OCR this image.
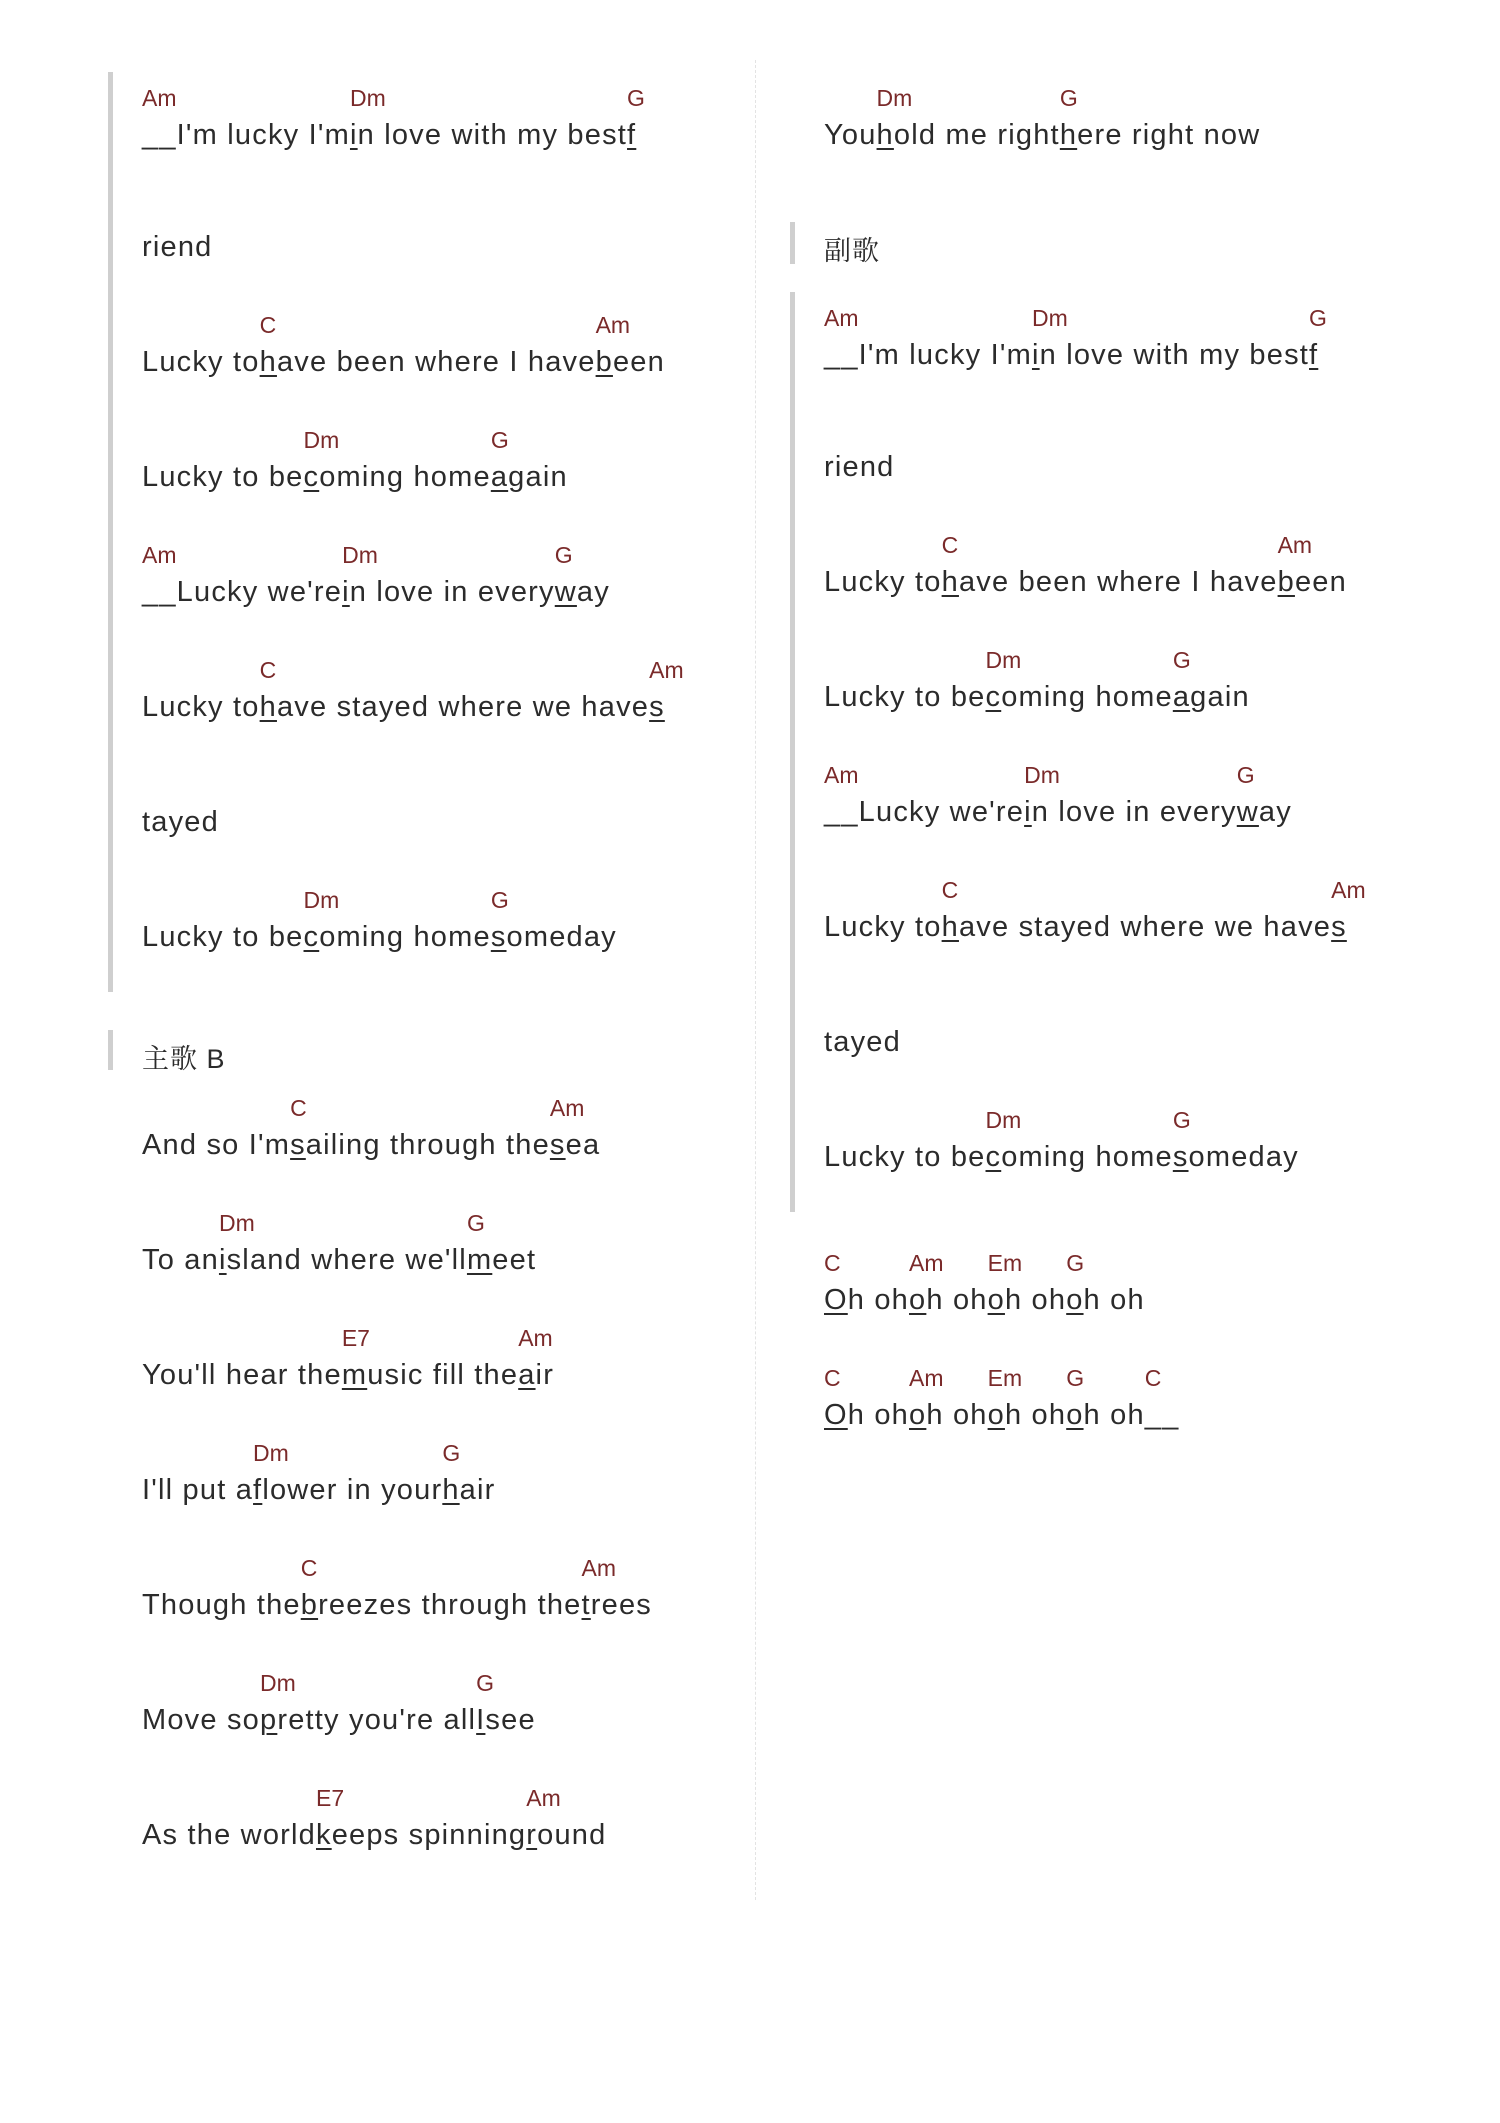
主歌 B
Am
__I'm lucky I'm
Dm
in love with my best
G
f
riend
Lucky to
C
have been where I have
Am
been
Lucky to be
Dm
coming home
G
again
Am
__Lucky we're
Dm
in love in every
G
way
Lucky to
C
have stayed where we have
Am
s
tayed
Lucky to be
Dm
coming home
G
someday
And so I'm
C
sailing through the
Am
sea
To an
Dm
island where we'll
G
meet
You'll hear the
E7
music fill the
Am
air
I'll put a
Dm
flower in your
G
hair
Though the
C
breezes through the
Am
trees
Move so
Dm
pretty you're all
G
Isee
As the world
E7
keeps spinning
Am
round
副歌
You
Dm
hold me right
G
here right now
Am
__I'm lucky I'm
Dm
in love with my best
G
f
riend
Lucky to
C
have been where I have
Am
been
Lucky to be
Dm
coming home
G
again
Am
__Lucky we're
Dm
in love in every
G
way
Lucky to
C
have stayed where we have
Am
s
tayed
Lucky to be
Dm
coming home
G
someday
C
Oh oh
Am
oh oh
Em
oh oh
G
oh oh
C
Oh oh
Am
oh oh
Em
oh oh
G
oh oh
C
__
